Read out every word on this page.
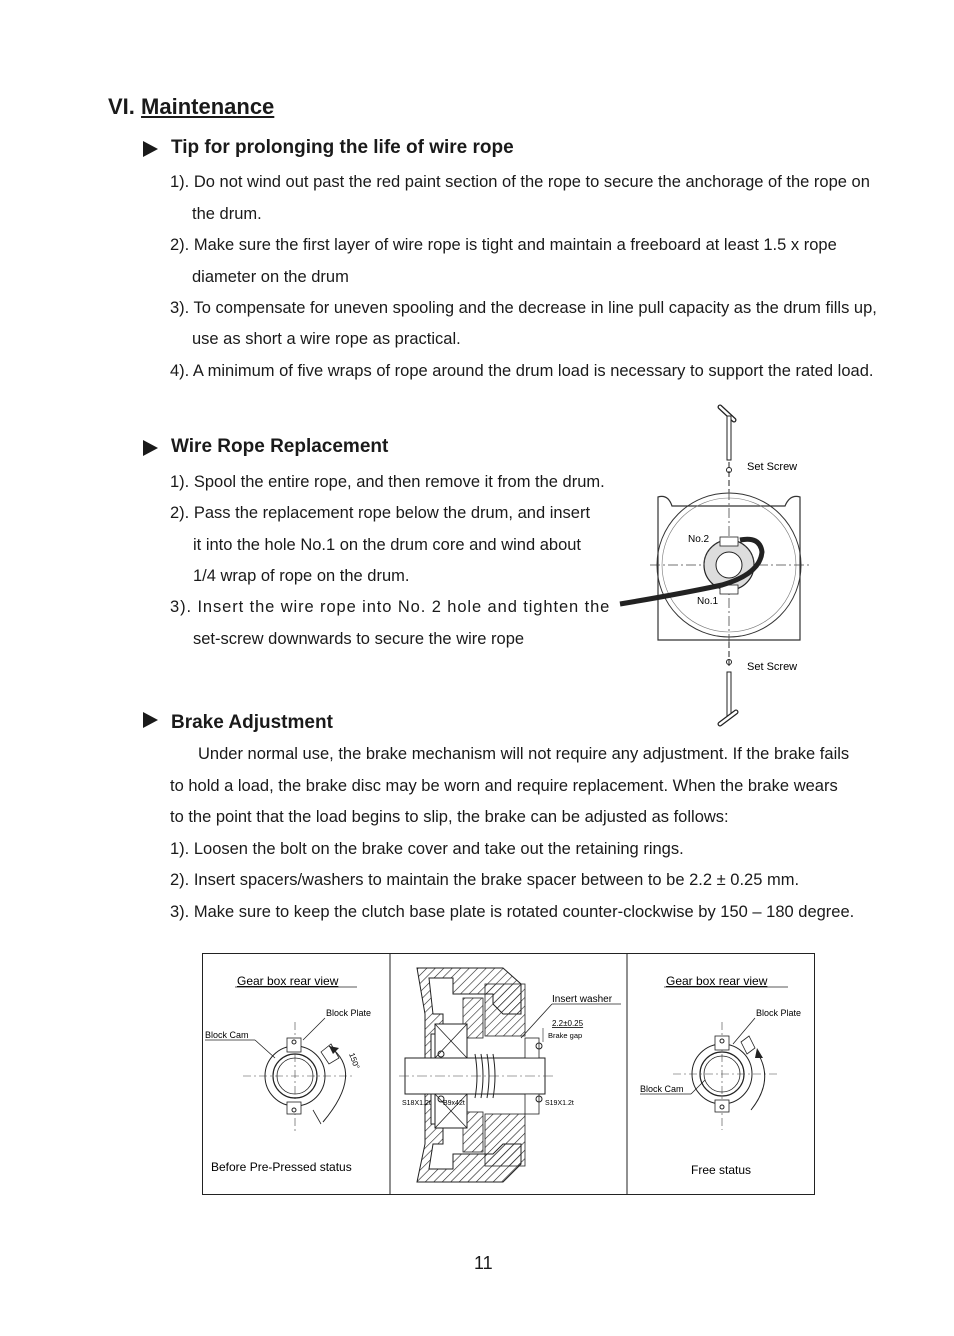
VI. Maintenance
Tip for prolonging the life of wire rope
1). Do not wind out past the red paint section of the rope to secure the anchorage of the rope on
the drum.
2). Make sure the first layer of wire rope is tight and maintain a freeboard at least 1.5 x rope
diameter on the drum
3). To compensate for uneven spooling and the decrease in line pull capacity as the drum fills up,
use as short a wire rope as practical.
4). A minimum of five wraps of rope around the drum load is necessary to support the rated load.
Wire Rope Replacement
1). Spool the entire rope, and then remove it from the drum.
2). Pass the replacement rope below the drum, and insert
it into the hole No.1 on the drum core and wind about
1/4 wrap of rope on the drum.
3). Insert the wire rope into No. 2 hole and tighten the
set-screw downwards to secure the wire rope
Set Screw
No.2
No.1
Set Screw
Brake Adjustment
Under normal use, the brake mechanism will not require any adjustment. If the brake fails
to hold a load, the brake disc may be worn and require replacement. When the brake wears
to the point that the load begins to slip, the brake can be adjusted as follows:
1). Loosen the bolt on the brake cover and take out the retaining rings.
2). Insert spacers/washers to maintain the brake spacer between to be 2.2 ± 0.25 mm.
3). Make sure to keep the clutch base plate is rotated counter-clockwise by 150 – 180 degree.
Gear box rear view
Block Plate
Block Cam
150°
Before Pre-Pressed status
Insert washer
2.2±0.25
Brake gap
S18X1.2t B9x42t	S19X1.2t
Gear box rear view
Block Plate
Block Cam
Free status
11
